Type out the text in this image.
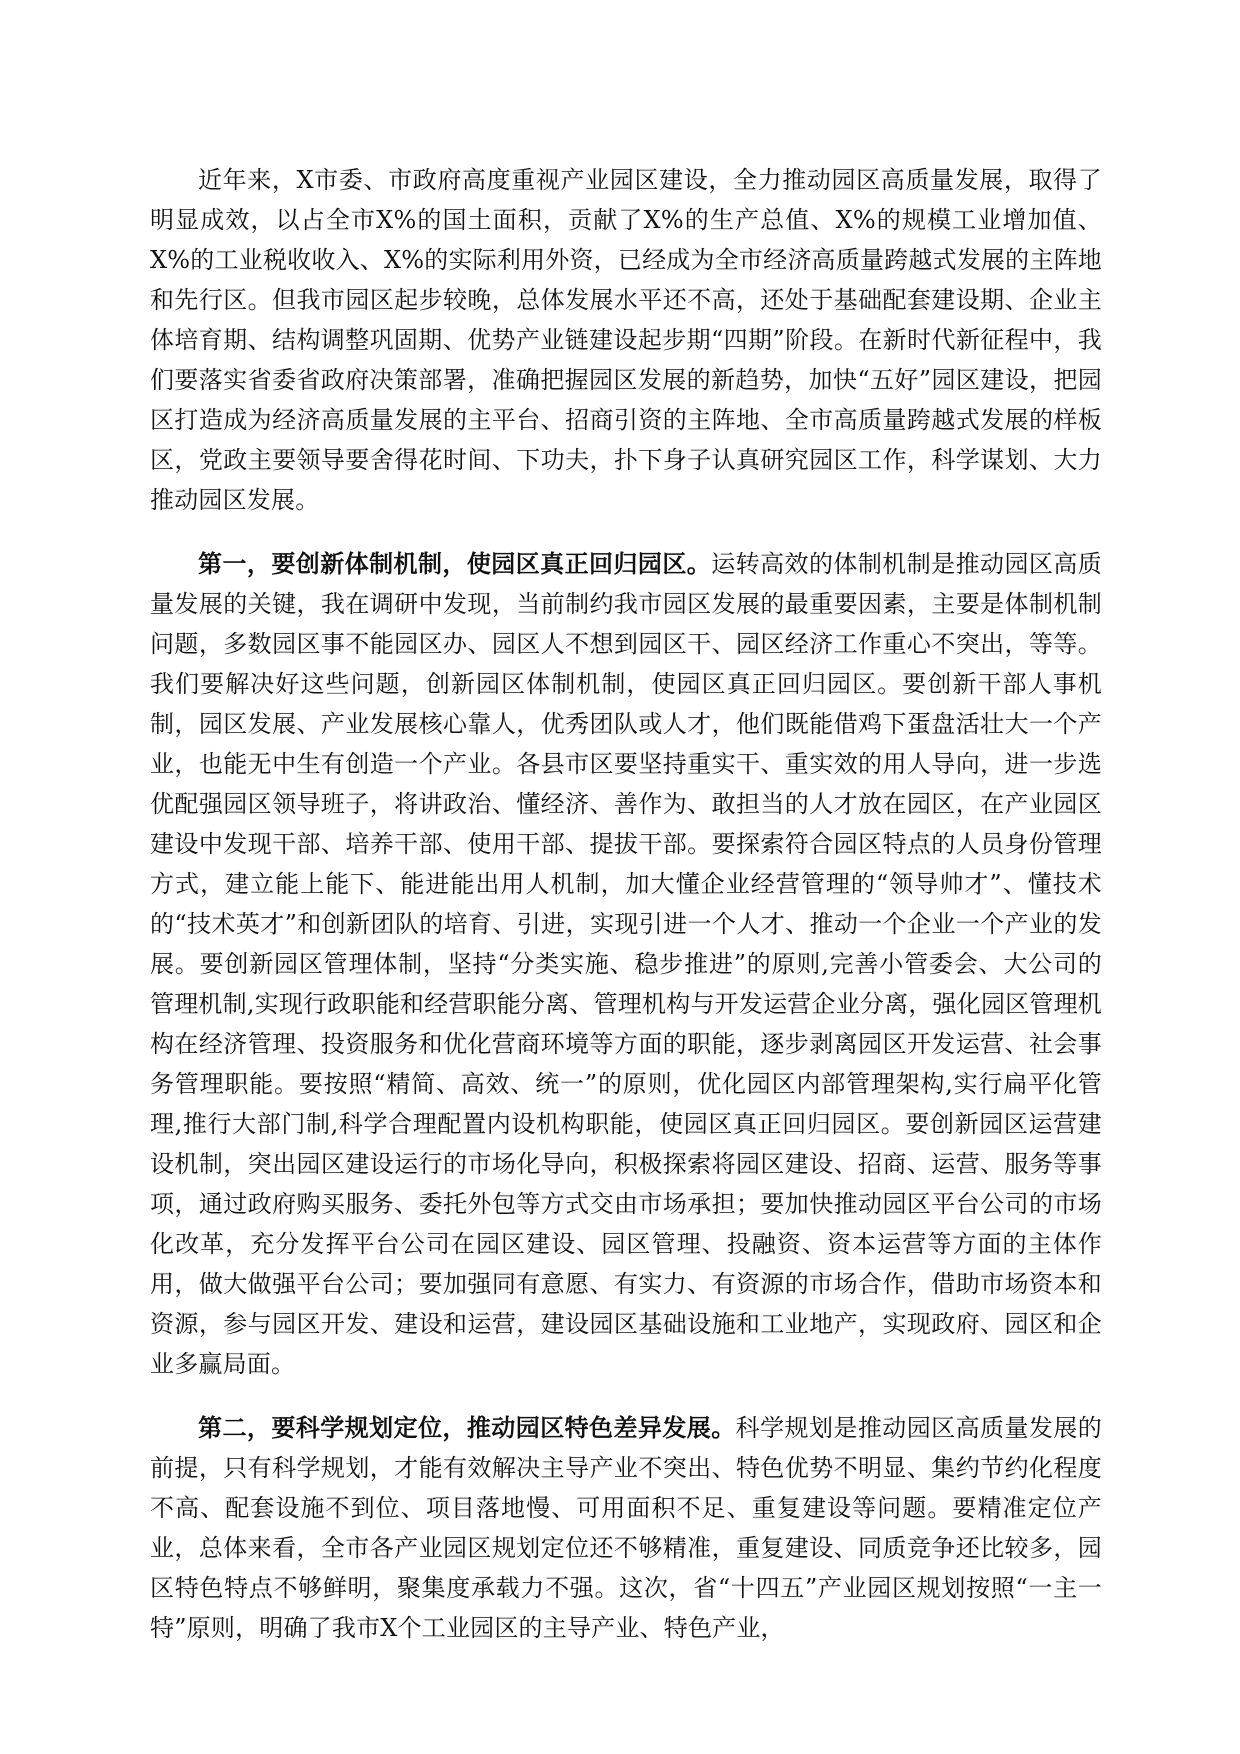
近年来，X市委、市政府高度重视产业园区建设，全力推动园区高质量发展，取得了明显成效，以占全市X%的国土面积，贡献了X%的生产总值、X%的规模工业增加值、X%的工业税收收入、X%的实际利用外资，已经成为全市经济高质量跨越式发展的主阵地和先行区。但我市园区起步较晚，总体发展水平还不高，还处于基础配套建设期、企业主体培育期、结构调整巩固期、优势产业链建设起步期“四期”阶段。在新时代新征程中，我们要落实省委省政府决策部署，准确把握园区发展的新趋势，加快“五好”园区建设，把园区打造成为经济高质量发展的主平台、招商引资的主阵地、全市高质量跨越式发展的样板区，党政主要领导要舍得花时间、下功夫，扑下身子认真研究园区工作，科学谋划、大力推动园区发展。

第一，要创新体制机制，使园区真正回归园区。运转高效的体制机制是推动园区高质量发展的关键，我在调研中发现，当前制约我市园区发展的最重要因素，主要是体制机制问题，多数园区事不能园区办、园区人不想到园区干、园区经济工作重心不突出，等等。我们要解决好这些问题，创新园区体制机制，使园区真正回归园区。要创新干部人事机制，园区发展、产业发展核心靠人，优秀团队或人才，他们既能借鸡下蛋盘活壮大一个产业，也能无中生有创造一个产业。各县市区要坚持重实干、重实效的用人导向，进一步选优配强园区领导班子，将讲政治、懂经济、善作为、敢担当的人才放在园区，在产业园区建设中发现干部、培养干部、使用干部、提拔干部。要探索符合园区特点的人员身份管理方式，建立能上能下、能进能出用人机制，加大懂企业经营管理的“领导帅才”、懂技术的“技术英才”和创新团队的培育、引进，实现引进一个人才、推动一个企业一个产业的发展。要创新园区管理体制，坚持“分类实施、稳步推进”的原则,完善小管委会、大公司的管理机制,实现行政职能和经营职能分离、管理机构与开发运营企业分离，强化园区管理机构在经济管理、投资服务和优化营商环境等方面的职能，逐步剥离园区开发运营、社会事务管理职能。要按照“精简、高效、统一”的原则，优化园区内部管理架构,实行扁平化管理,推行大部门制,科学合理配置内设机构职能，使园区真正回归园区。要创新园区运营建设机制，突出园区建设运行的市场化导向，积极探索将园区建设、招商、运营、服务等事项，通过政府购买服务、委托外包等方式交由市场承担；要加快推动园区平台公司的市场化改革，充分发挥平台公司在园区建设、园区管理、投融资、资本运营等方面的主体作用，做大做强平台公司；要加强同有意愿、有实力、有资源的市场合作，借助市场资本和资源，参与园区开发、建设和运营，建设园区基础设施和工业地产，实现政府、园区和企业多赢局面。

第二，要科学规划定位，推动园区特色差异发展。科学规划是推动园区高质量发展的前提，只有科学规划，才能有效解决主导产业不突出、特色优势不明显、集约节约化程度不高、配套设施不到位、项目落地慢、可用面积不足、重复建设等问题。要精准定位产业，总体来看，全市各产业园区规划定位还不够精准，重复建设、同质竞争还比较多，园区特色特点不够鲜明，聚集度承载力不强。这次，省“十四五”产业园区规划按照“一主一特”原则，明确了我市X个工业园区的主导产业、特色产业，
